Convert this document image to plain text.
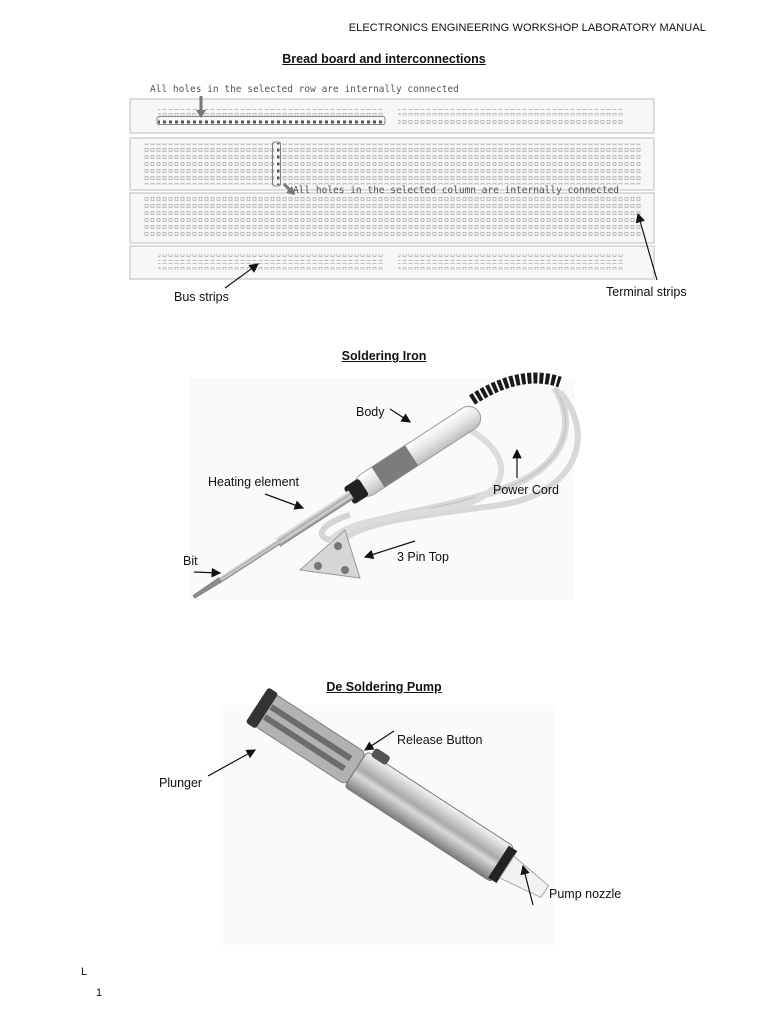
ELECTRONICS ENGINEERING WORKSHOP LABORATORY MANUAL
Bread board and interconnections
All holes in the selected row are internally connected
All holes in the selected column are internally connected
Bus strips	Terminal strips
Soldering Iron
Body
Heating element
Power Cord
Bit	3 Pin Top
De Soldering Pump
Release Button
Plunger
Pump nozzle
L
1
